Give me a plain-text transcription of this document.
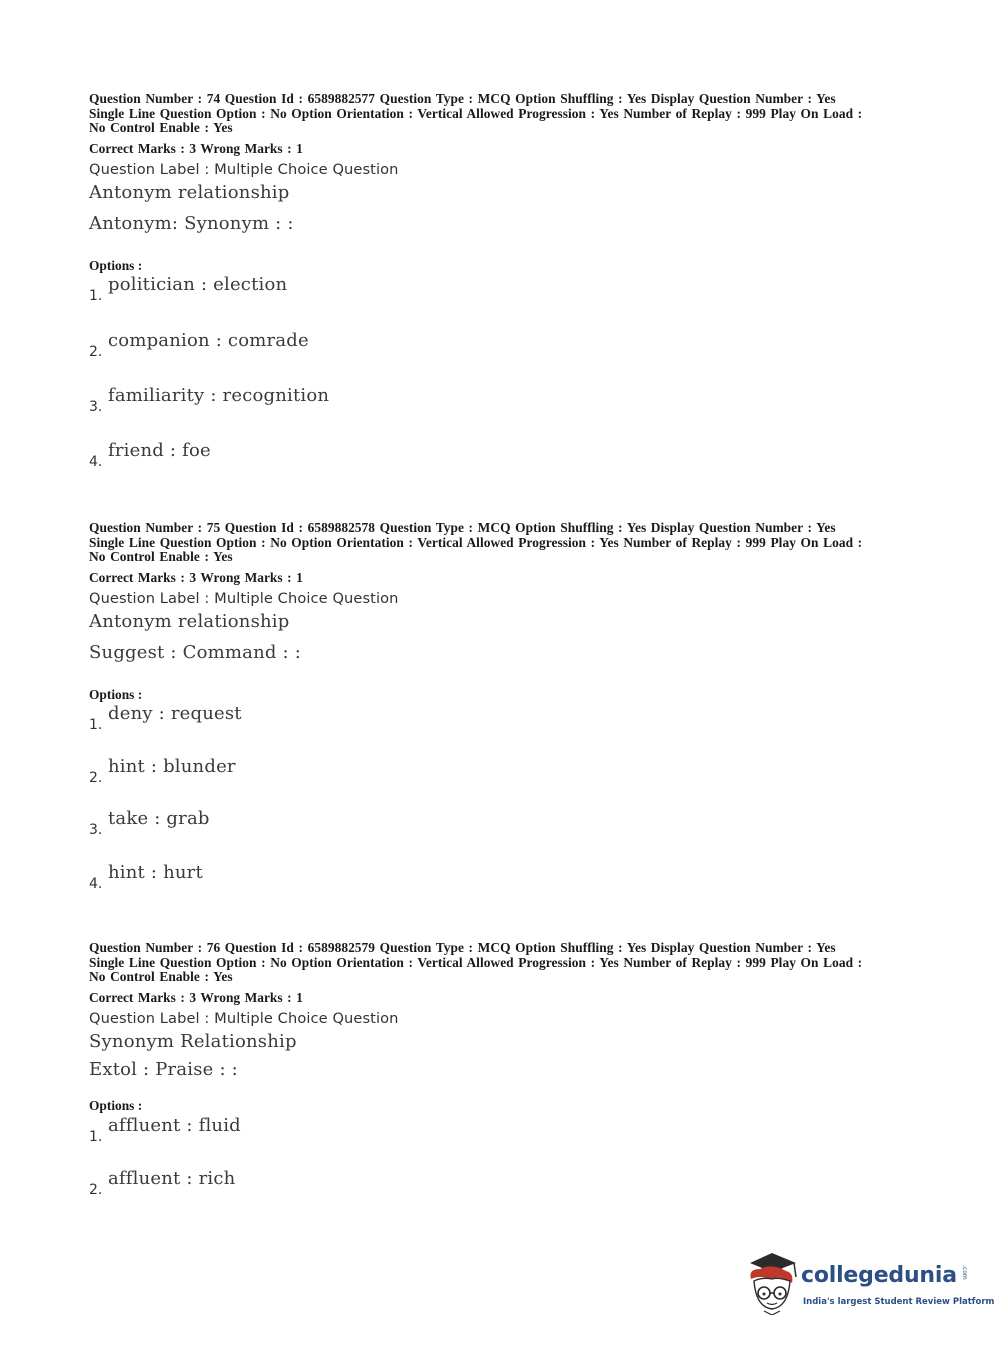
Question Number : 74 Question Id : 6589882577 Question Type : MCQ Option Shuffling : Yes Display Question Number : Yes
Single Line Question Option : No Option Orientation : Vertical Allowed Progression : Yes Number of Replay : 999 Play On Load :
No Control Enable : Yes
Correct Marks : 3 Wrong Marks : 1
Question Label : Multiple Choice Question
Antonym relationship
Antonym: Synonym : :
Options :
1.
politician : election
2.
companion : comrade
3.
familiarity : recognition
4.
friend : foe
Question Number : 75 Question Id : 6589882578 Question Type : MCQ Option Shuffling : Yes Display Question Number : Yes
Single Line Question Option : No Option Orientation : Vertical Allowed Progression : Yes Number of Replay : 999 Play On Load :
No Control Enable : Yes
Correct Marks : 3 Wrong Marks : 1
Question Label : Multiple Choice Question
Antonym relationship
Suggest : Command : :
Options :
1.
deny : request
2.
hint : blunder
3.
take : grab
4.
hint : hurt
Question Number : 76 Question Id : 6589882579 Question Type : MCQ Option Shuffling : Yes Display Question Number : Yes
Single Line Question Option : No Option Orientation : Vertical Allowed Progression : Yes Number of Replay : 999 Play On Load :
No Control Enable : Yes
Correct Marks : 3 Wrong Marks : 1
Question Label : Multiple Choice Question
Synonym Relationship
Extol : Praise : :
Options :
1.
affluent : fluid
2.
affluent : rich
collegedunia .com
India's largest Student Review Platform
